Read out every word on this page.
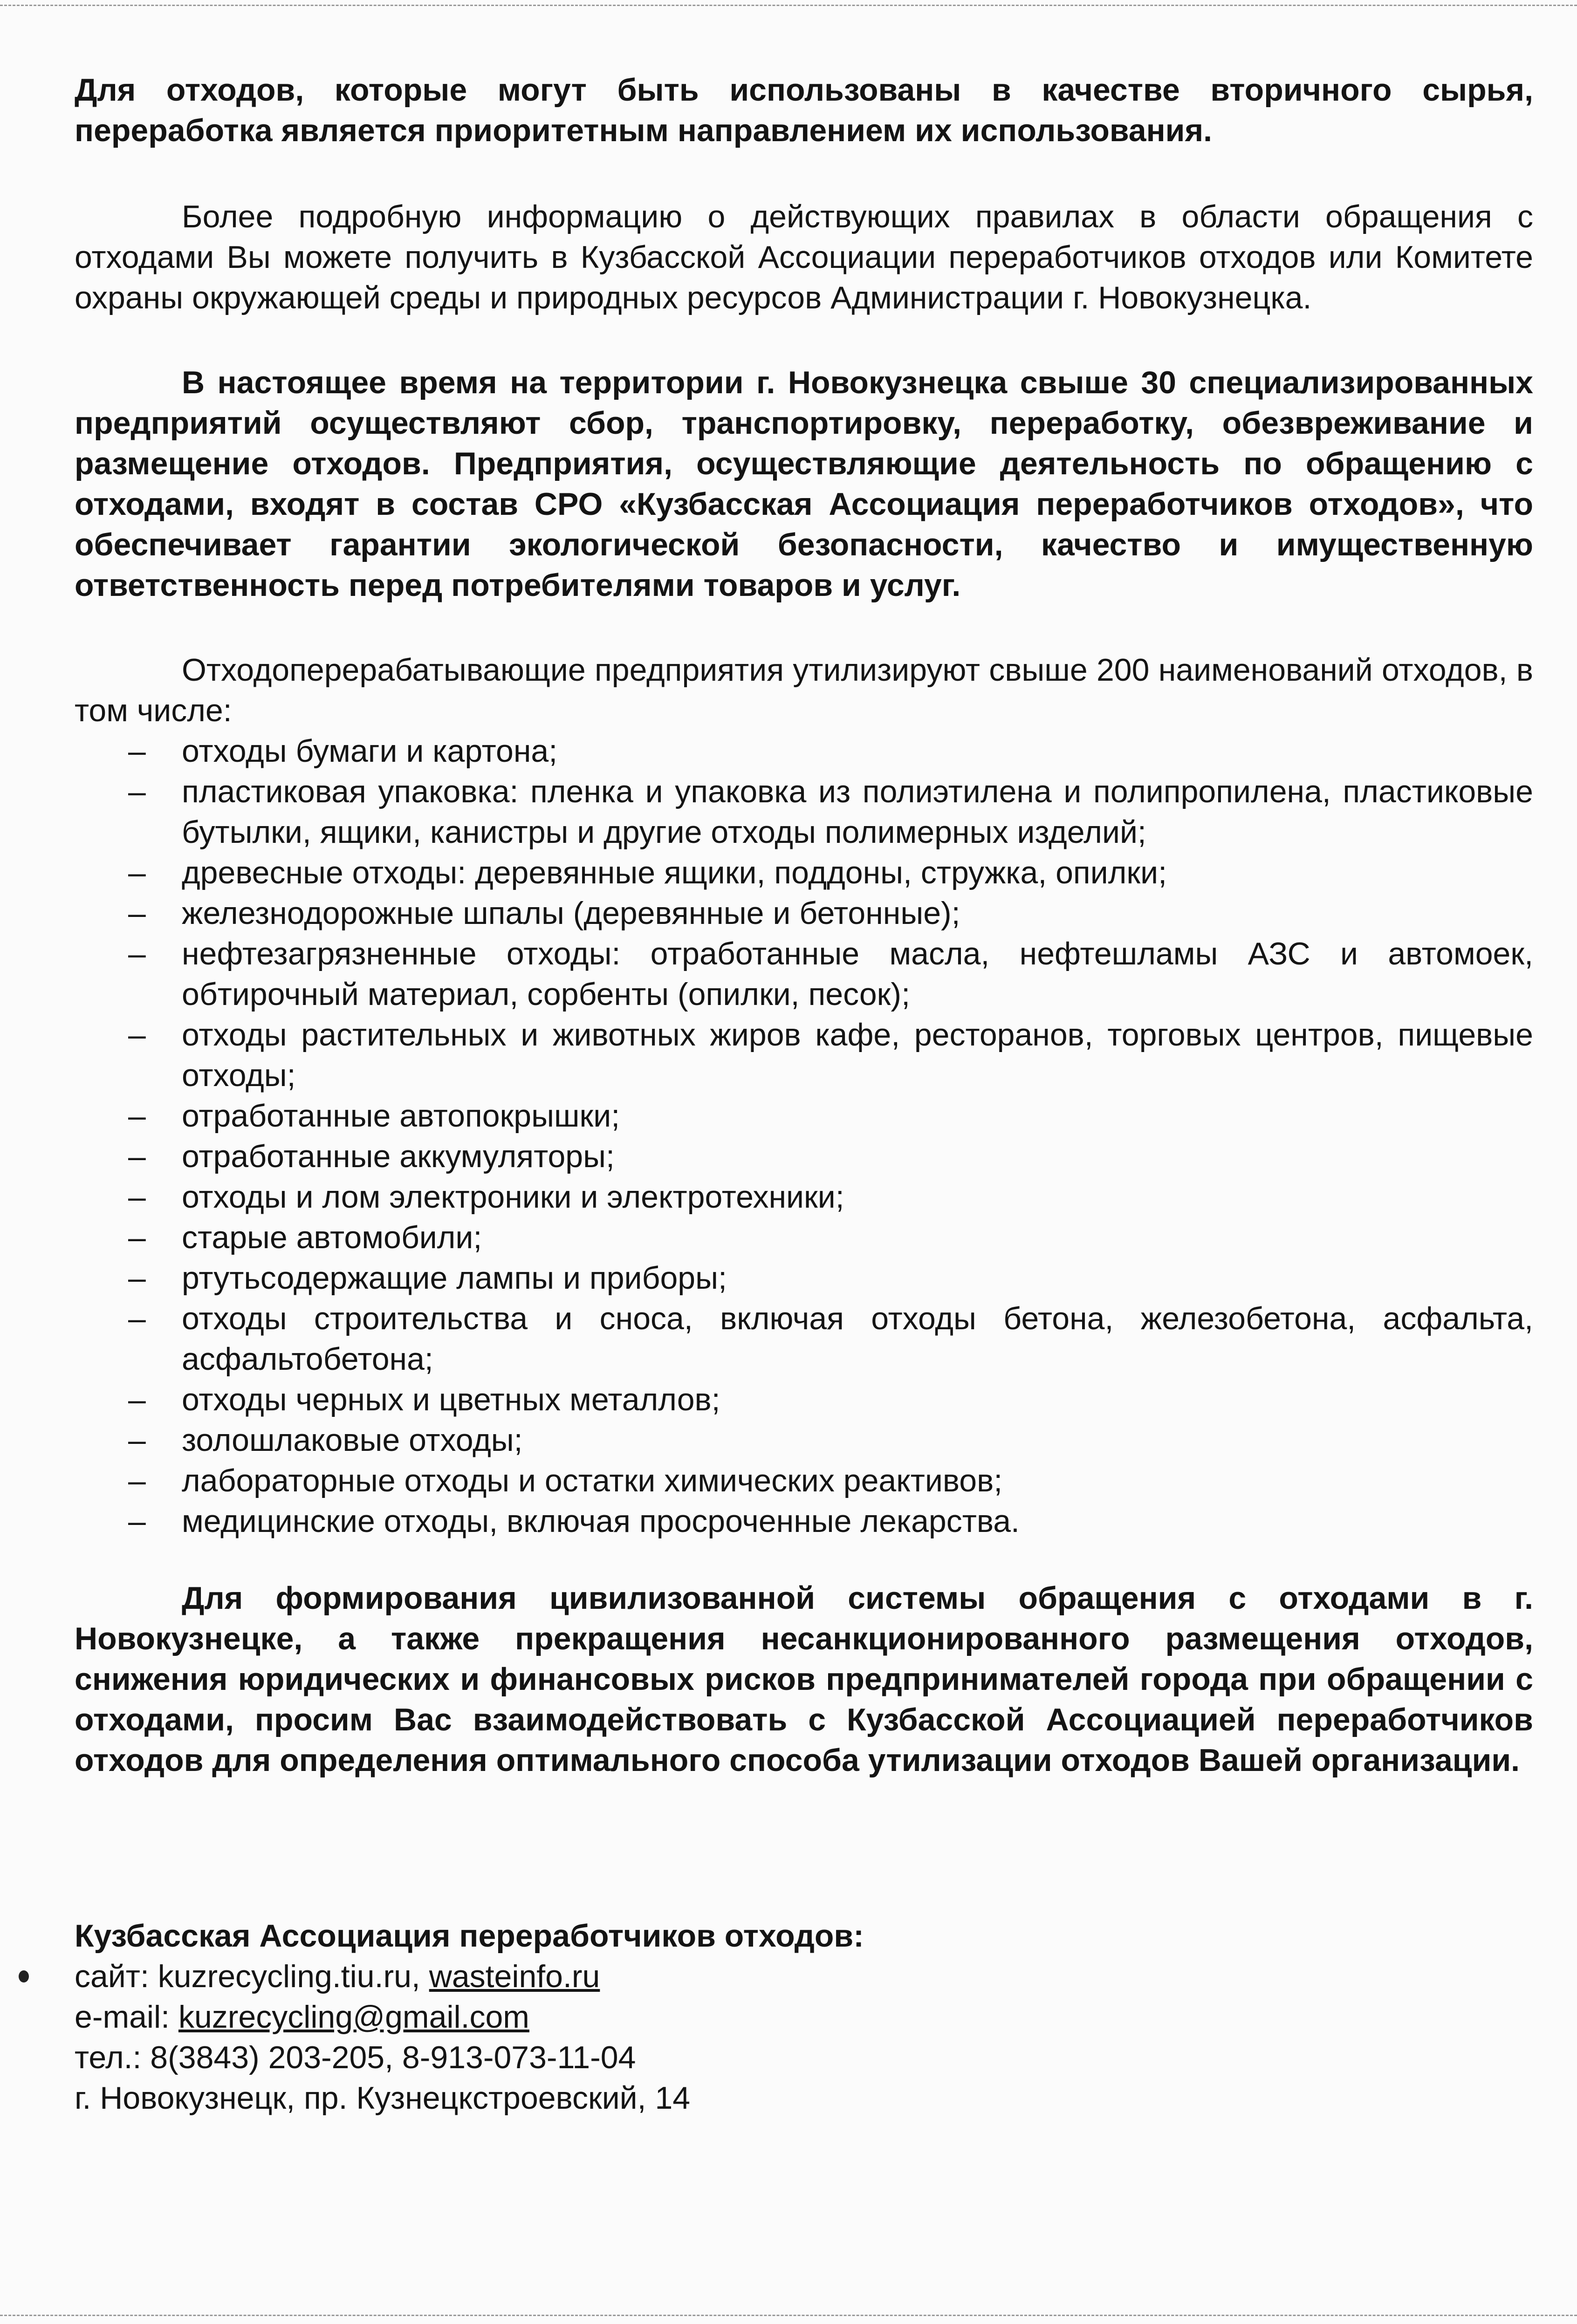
Для отходов, которые могут быть использованы в качестве вторичного сырья, переработка является приоритетным направлением их использования.

Более подробную информацию о действующих правилах в области обращения с отходами Вы можете получить в Кузбасской Ассоциации переработчиков отходов или Комитете охраны окружающей среды и природных ресурсов Администрации г. Новокузнецка.

В настоящее время на территории г. Новокузнецка свыше 30 специализированных предприятий осуществляют сбор, транспортировку, переработку, обезвреживание и размещение отходов. Предприятия, осуществляющие деятельность по обращению с отходами, входят в состав СРО «Кузбасская Ассоциация переработчиков отходов», что обеспечивает гарантии экологической безопасности, качество и имущественную ответственность перед потребителями товаров и услуг.

Отходоперерабатывающие предприятия утилизируют свыше 200 наименований отходов, в том числе:

– отходы бумаги и картона;
– пластиковая упаковка: пленка и упаковка из полиэтилена и полипропилена, пластиковые бутылки, ящики, канистры и другие отходы полимерных изделий;
– древесные отходы: деревянные ящики, поддоны, стружка, опилки;
– железнодорожные шпалы (деревянные и бетонные);
– нефтезагрязненные отходы: отработанные масла, нефтешламы АЗС и автомоек, обтирочный материал, сорбенты (опилки, песок);
– отходы растительных и животных жиров кафе, ресторанов, торговых центров, пищевые отходы;
– отработанные автопокрышки;
– отработанные аккумуляторы;
– отходы и лом электроники и электротехники;
– старые автомобили;
– ртутьсодержащие лампы и приборы;
– отходы строительства и сноса, включая отходы бетона, железобетона, асфальта, асфальтобетона;
– отходы черных и цветных металлов;
– золошлаковые отходы;
– лабораторные отходы и остатки химических реактивов;
– медицинские отходы, включая просроченные лекарства.

Для формирования цивилизованной системы обращения с отходами в г. Новокузнецке, а также прекращения несанкционированного размещения отходов, снижения юридических и финансовых рисков предпринимателей города при обращении с отходами, просим Вас взаимодействовать с Кузбасской Ассоциацией переработчиков отходов для определения оптимального способа утилизации отходов Вашей организации.

Кузбасская Ассоциация переработчиков отходов:
сайт: kuzrecycling.tiu.ru, wasteinfo.ru
e-mail: kuzrecycling@gmail.com
тел.: 8(3843) 203-205, 8-913-073-11-04
г. Новокузнецк, пр. Кузнецкстроевский, 14
